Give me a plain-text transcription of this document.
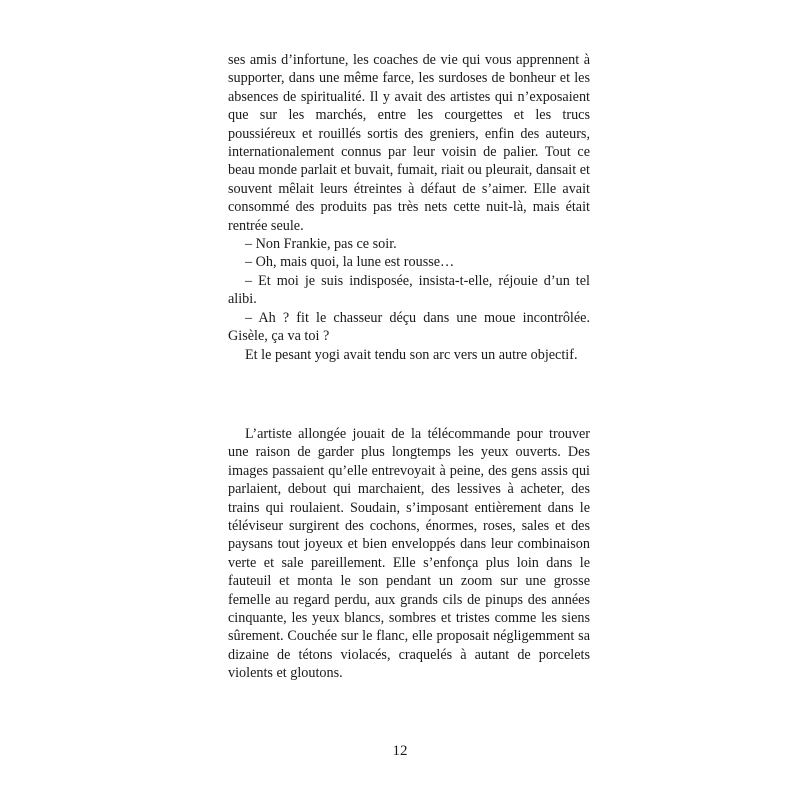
ses amis d’infortune, les coaches de vie qui vous apprennent à supporter, dans une même farce, les surdoses de bonheur et les absences de spiritualité. Il y avait des artistes qui n’exposaient que sur les marchés, entre les courgettes et les trucs poussiéreux et rouillés sortis des greniers, enfin des auteurs, internationalement connus par leur voisin de palier. Tout ce beau monde parlait et buvait, fumait, riait ou pleurait, dansait et souvent mêlait leurs étreintes à défaut de s’aimer. Elle avait consommé des produits pas très nets cette nuit-là, mais était rentrée seule.

– Non Frankie, pas ce soir.

– Oh, mais quoi, la lune est rousse…

– Et moi je suis indisposée, insista-t-elle, réjouie d’un tel alibi.

– Ah ? fit le chasseur déçu dans une moue incontrôlée. Gisèle, ça va toi ?

Et le pesant yogi avait tendu son arc vers un autre objectif.

L’artiste allongée jouait de la télécommande pour trouver une raison de garder plus longtemps les yeux ouverts. Des images passaient qu’elle entrevoyait à peine, des gens assis qui parlaient, debout qui marchaient, des lessives à acheter, des trains qui roulaient. Soudain, s’imposant entièrement dans le téléviseur surgirent des cochons, énormes, roses, sales et des paysans tout joyeux et bien enveloppés dans leur combinaison verte et sale pareillement. Elle s’enfonça plus loin dans le fauteuil et monta le son pendant un zoom sur une grosse femelle au regard perdu, aux grands cils de pinups des années cinquante, les yeux blancs, sombres et tristes comme les siens sûrement. Couchée sur le flanc, elle proposait négligemment sa dizaine de tétons violacés, craquelés à autant de porcelets violents et gloutons.

12
